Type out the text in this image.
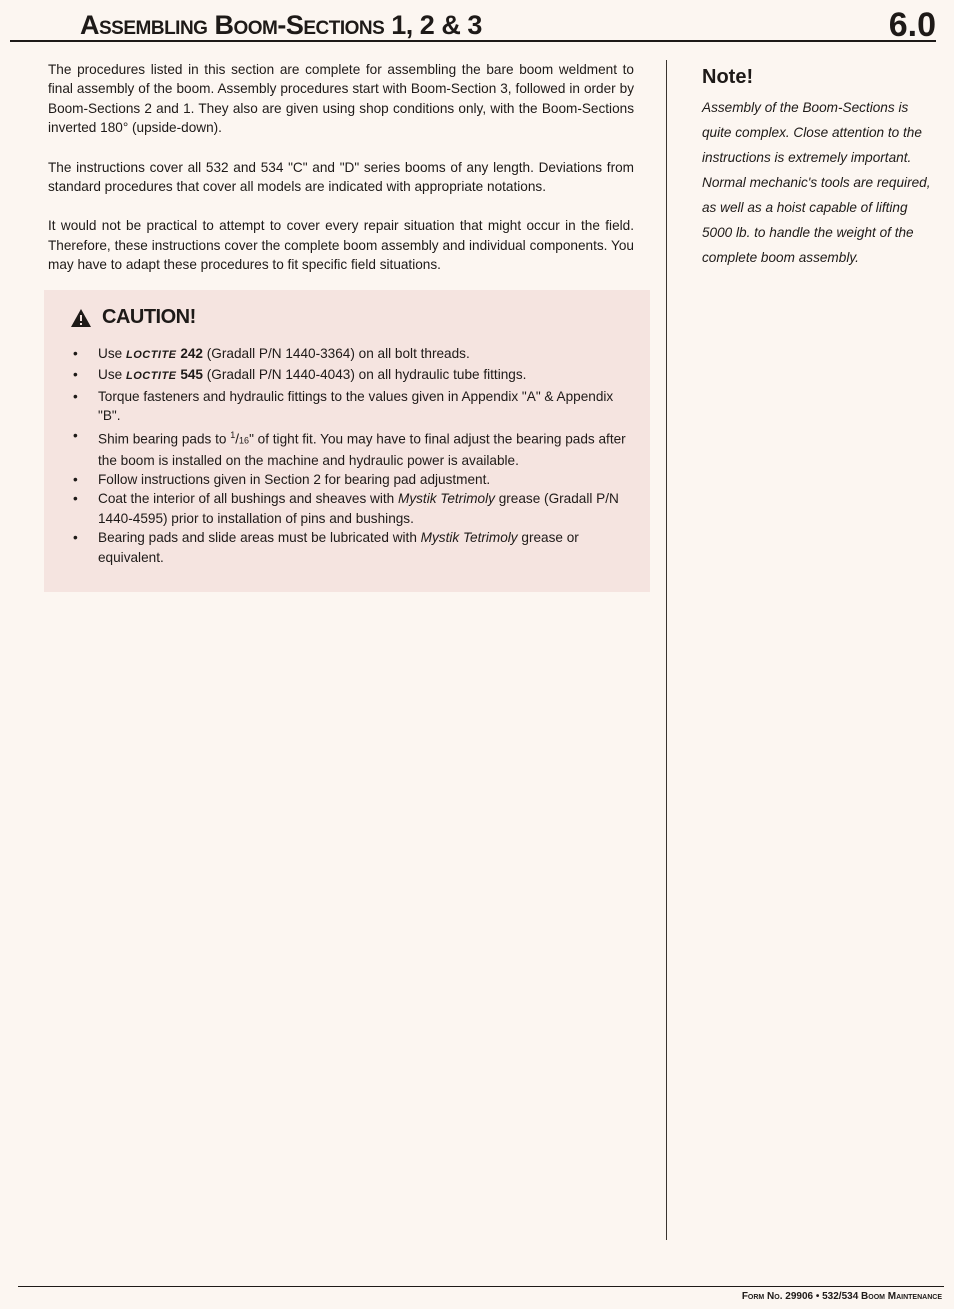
Assembling Boom-Sections 1, 2 & 3	6.0

The procedures listed in this section are complete for assembling the bare boom weldment to final assembly of the boom. Assembly procedures start with Boom-Section 3, followed in order by Boom-Sections 2 and 1. They also are given using shop conditions only, with the Boom-Sections inverted 180° (upside-down).

The instructions cover all 532 and 534 "C" and "D" series booms of any length. Deviations from standard procedures that cover all models are indicated with appropriate notations.

It would not be practical to attempt to cover every repair situation that might occur in the field. Therefore, these instructions cover the complete boom assembly and individual components. You may have to adapt these procedures to fit specific field situations.

CAUTION!
• Use LOCTITE 242 (Gradall P/N 1440-3364) on all bolt threads.
• Use LOCTITE 545 (Gradall P/N 1440-4043) on all hydraulic tube fittings.
• Torque fasteners and hydraulic fittings to the values given in Appendix "A" & Appendix "B".
• Shim bearing pads to $^1$/16" of tight fit. You may have to final adjust the bearing pads after the boom is installed on the machine and hydraulic power is available.
• Follow instructions given in Section 2 for bearing pad adjustment.
• Coat the interior of all bushings and sheaves with Mystik Tetrimoly grease (Gradall P/N 1440-4595) prior to installation of pins and bushings.
• Bearing pads and slide areas must be lubricated with Mystik Tetrimoly grease or equivalent.
Note!

Assembly of the Boom-Sections is quite complex. Close attention to the instructions is extremely important. Normal mechanic's tools are required, as well as a hoist capable of lifting 5000 lb. to handle the weight of the complete boom assembly.

Form No. 29906 • 532/534 Boom Maintenance
